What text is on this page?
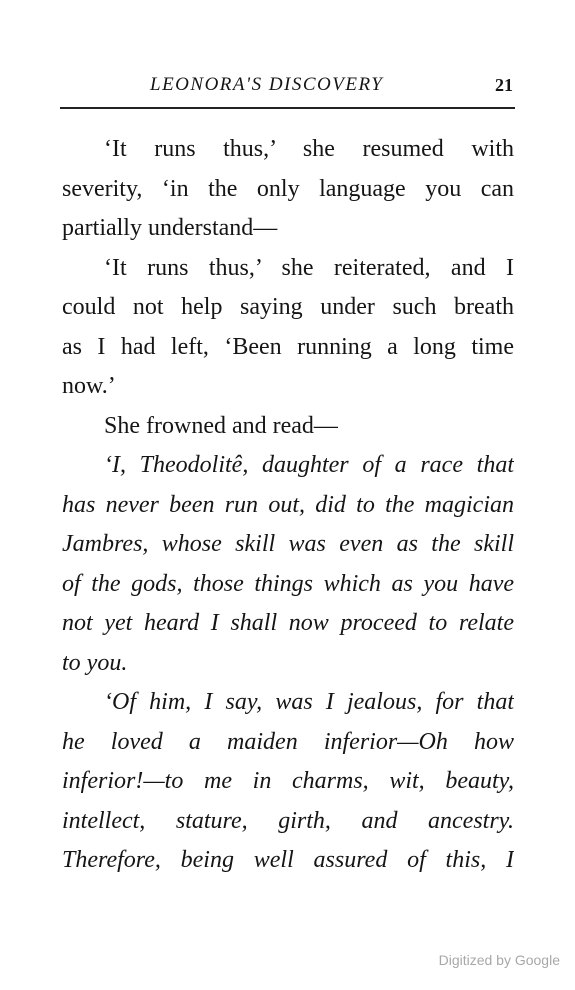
LEONORA'S DISCOVERY	21
‘It runs thus,’ she resumed with
severity, ‘in the only language you can
partially understand—
‘It runs thus,’ she reiterated, and I
could not help saying under such breath
as I had left, ‘Been running a long time
now.’
She frowned and read—
‘I, Theodolitê, daughter of a race that
has never been run out, did to the magician
Jambres, whose skill was even as the skill
of the gods, those things which as you have
not yet heard I shall now proceed to relate
to you.
‘Of him, I say, was I jealous, for that
he loved a maiden inferior—Oh how
inferior!—to me in charms, wit, beauty,
intellect, stature, girth, and ancestry.
Therefore, being well assured of this, I
Digitized by Google
